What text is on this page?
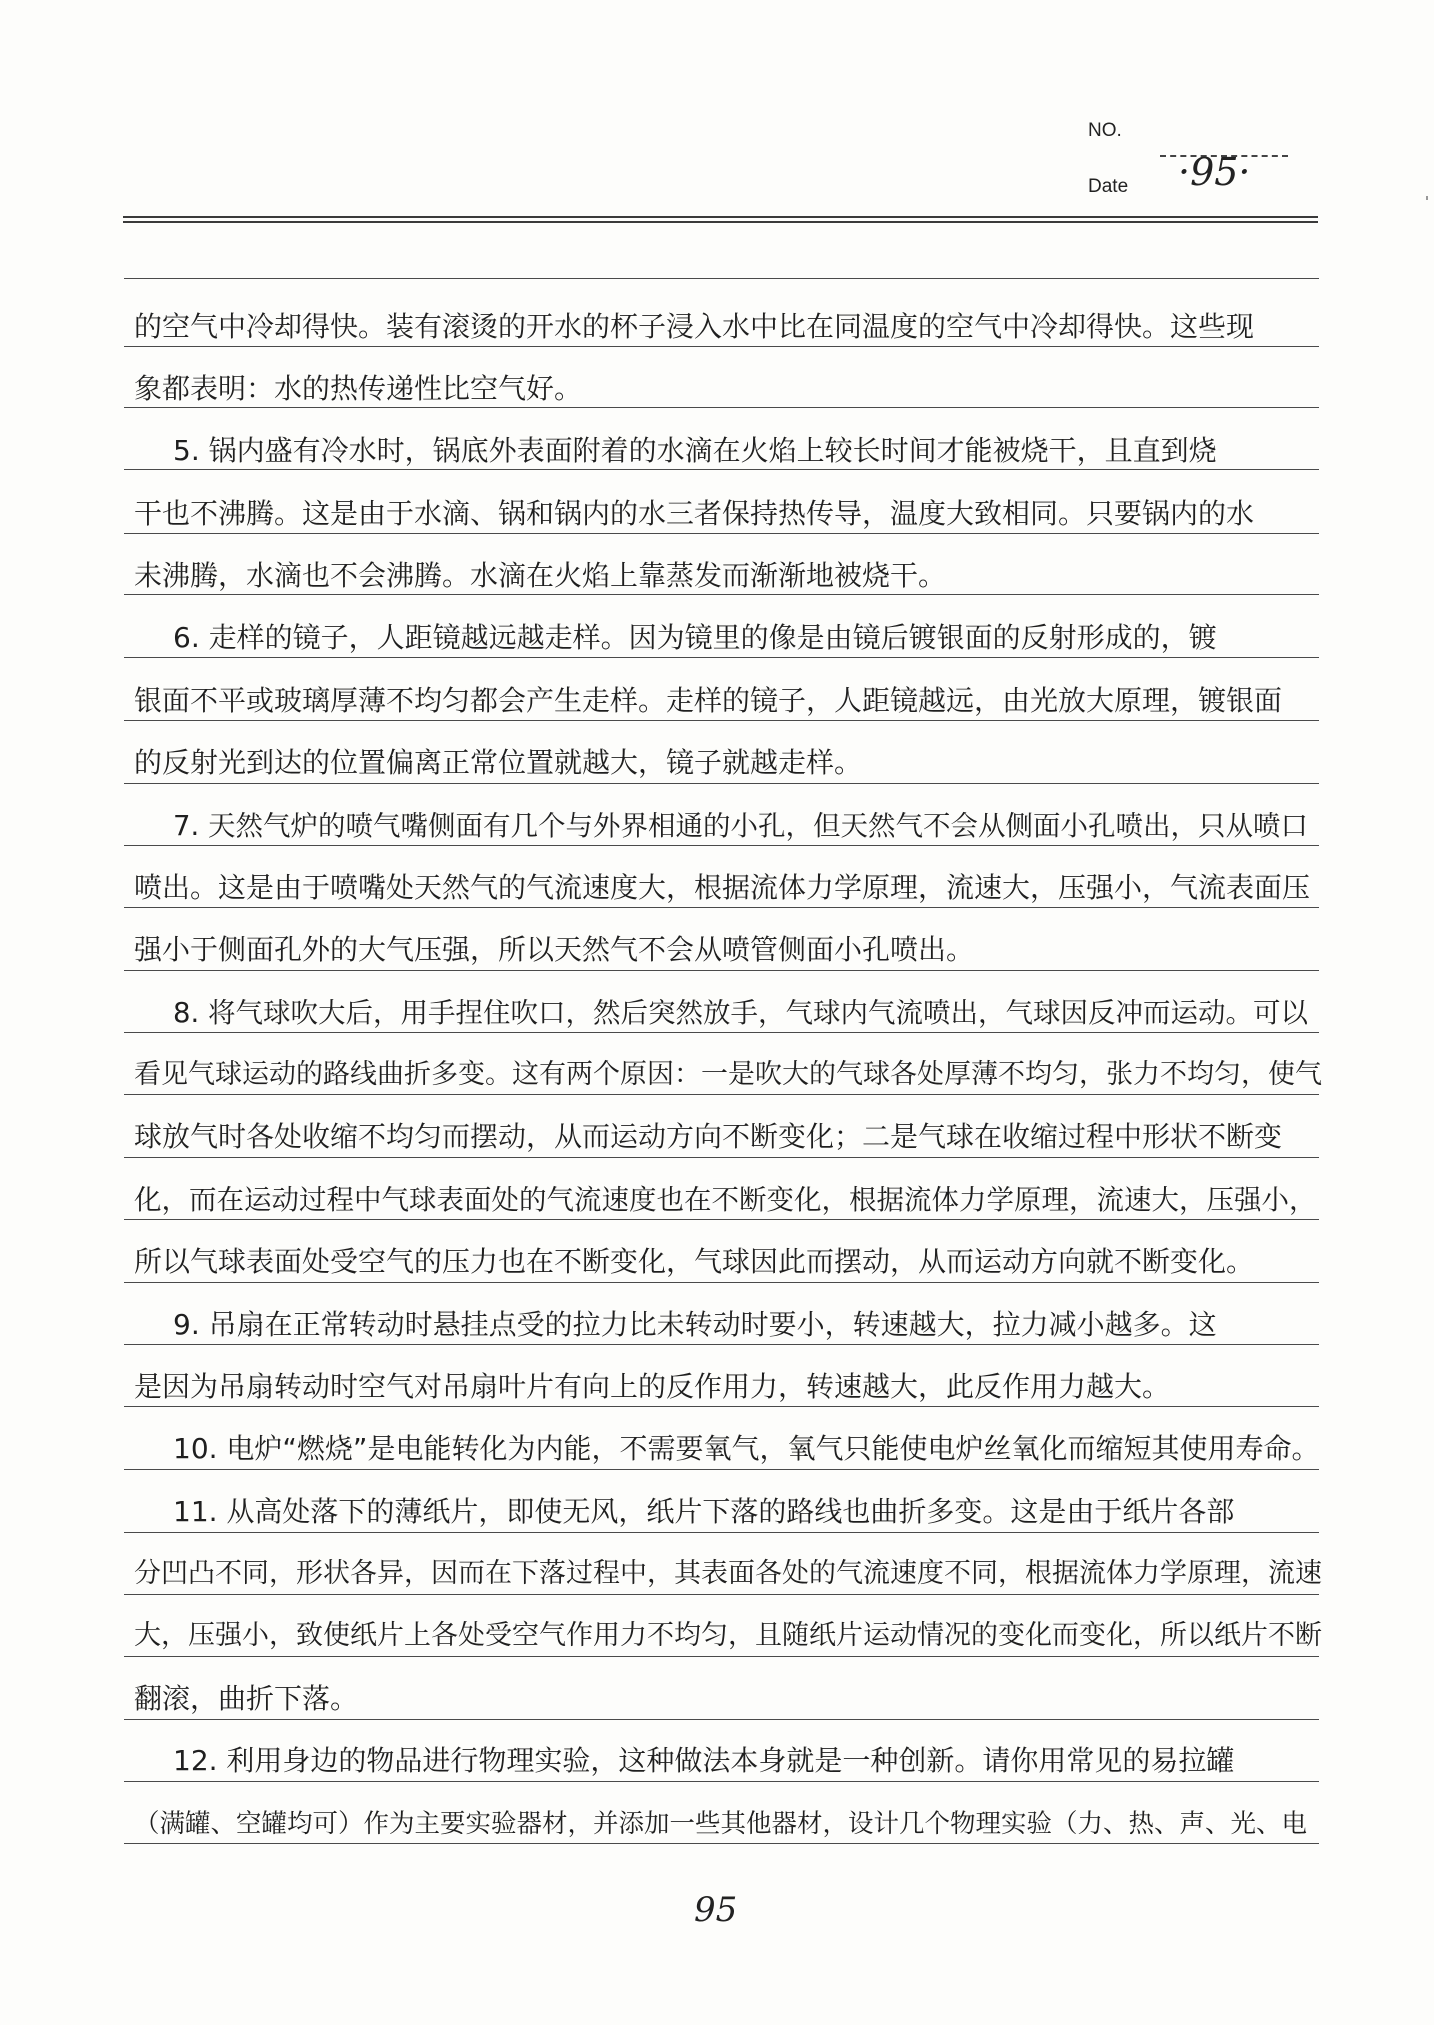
NO.
Date ·95·
的空气中冷却得快。装有滚烫的开水的杯子浸入水中比在同温度的空气中冷却得快。这些现
象都表明：水的热传递性比空气好。
5. 锅内盛有冷水时，锅底外表面附着的水滴在火焰上较长时间才能被烧干，且直到烧
干也不沸腾。这是由于水滴、锅和锅内的水三者保持热传导，温度大致相同。只要锅内的水
未沸腾，水滴也不会沸腾。水滴在火焰上靠蒸发而渐渐地被烧干。
6. 走样的镜子，人距镜越远越走样。因为镜里的像是由镜后镀银面的反射形成的，镀
银面不平或玻璃厚薄不均匀都会产生走样。走样的镜子，人距镜越远，由光放大原理，镀银面
的反射光到达的位置偏离正常位置就越大，镜子就越走样。
7. 天然气炉的喷气嘴侧面有几个与外界相通的小孔，但天然气不会从侧面小孔喷出，只从喷口
喷出。这是由于喷嘴处天然气的气流速度大，根据流体力学原理，流速大，压强小，气流表面压
强小于侧面孔外的大气压强，所以天然气不会从喷管侧面小孔喷出。
8. 将气球吹大后，用手捏住吹口，然后突然放手，气球内气流喷出，气球因反冲而运动。可以
看见气球运动的路线曲折多变。这有两个原因：一是吹大的气球各处厚薄不均匀，张力不均匀，使气
球放气时各处收缩不均匀而摆动，从而运动方向不断变化；二是气球在收缩过程中形状不断变
化，而在运动过程中气球表面处的气流速度也在不断变化，根据流体力学原理，流速大，压强小，
所以气球表面处受空气的压力也在不断变化，气球因此而摆动，从而运动方向就不断变化。
9. 吊扇在正常转动时悬挂点受的拉力比未转动时要小，转速越大，拉力减小越多。这
是因为吊扇转动时空气对吊扇叶片有向上的反作用力，转速越大，此反作用力越大。
10. 电炉“燃烧”是电能转化为内能，不需要氧气，氧气只能使电炉丝氧化而缩短其使用寿命。
11. 从高处落下的薄纸片，即使无风，纸片下落的路线也曲折多变。这是由于纸片各部
分凹凸不同，形状各异，因而在下落过程中，其表面各处的气流速度不同，根据流体力学原理，流速
大，压强小，致使纸片上各处受空气作用力不均匀，且随纸片运动情况的变化而变化，所以纸片不断
翻滚，曲折下落。
12. 利用身边的物品进行物理实验，这种做法本身就是一种创新。请你用常见的易拉罐
（满罐、空罐均可）作为主要实验器材，并添加一些其他器材，设计几个物理实验（力、热、声、光、电
95
